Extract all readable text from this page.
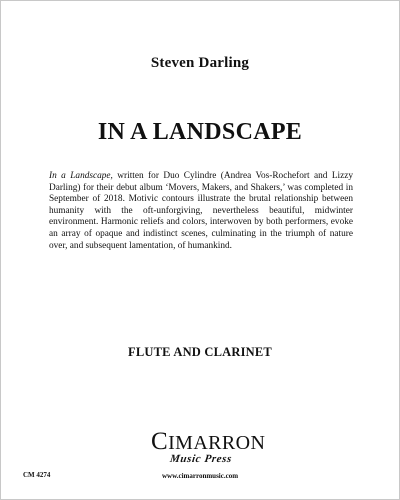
Steven Darling
IN A LANDSCAPE

In a Landscape, written for Duo Cylindre (Andrea Vos-Rochefort and Lizzy Darling) for their debut album ‘Movers, Makers, and Shakers,’ was completed in September of 2018. Motivic contours illustrate the brutal relationship between humanity with the oft-unforgiving, nevertheless beautiful, midwinter environment. Harmonic reliefs and colors, interwoven by both performers, evoke an array of opaque and indistinct scenes, culminating in the triumph of nature over, and subsequent lamentation, of humankind.

FLUTE AND CLARINET
CIMARRON
Music Press
CM 4274	www.cimarronmusic.com
